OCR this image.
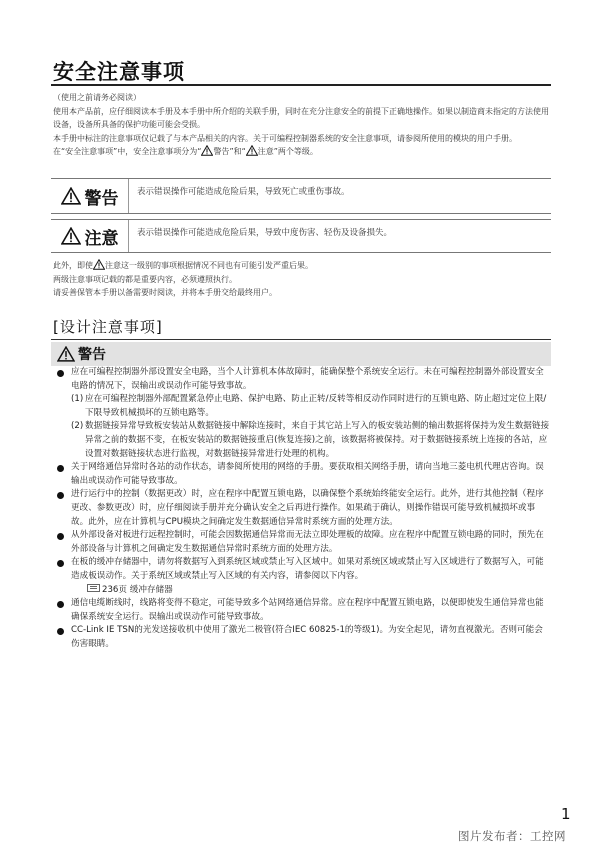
安全注意事项

（使用之前请务必阅读）

使用本产品前，应仔细阅读本手册及本手册中所介绍的关联手册，同时在充分注意安全的前提下正确地操作。如果以制造商未指定的方法使用设备，设备所具备的保护功能可能会受损。

本手册中标注的注意事项仅记载了与本产品相关的内容。关于可编程控制器系统的安全注意事项，请参阅所使用的模块的用户手册。

在“安全注意事项”中，安全注意事项分为“ 警告”和“ 注意”两个等级。

警告	表示错误操作可能造成危险后果，导致死亡或重伤事故。
注意	表示错误操作可能造成危险后果，导致中度伤害、轻伤及设备损失。

此外，即使 注意这一级别的事项根据情况不同也有可能引发严重后果。

两级注意事项记载的都是重要内容，必须遵照执行。

请妥善保管本手册以备需要时阅读，并将本手册交给最终用户。

[设计注意事项]
警告
应在可编程控制器外部设置安全电路，当个人计算机本体故障时，能确保整个系统安全运行。未在可编程控制器外部设置安全电路的情况下，误输出或误动作可能导致事故。
(1) 应在可编程控制器外部配置紧急停止电路、保护电路、防止正转/反转等相反动作同时进行的互锁电路、防止超过定位上限/下限导致机械损坏的互锁电路等。
(2) 数据链接异常导致板安装站从数据链接中解除连接时，来自于其它站上写入的板安装站侧的输出数据将保持为发生数据链接异常之前的数据不变，在板安装站的数据链接重启(恢复连接)之前，该数据将被保持。对于数据链接系统上连接的各站，应设置对数据链接状态进行监视，对数据链接异常进行处理的机构。
关于网络通信异常时各站的动作状态，请参阅所使用的网络的手册。要获取相关网络手册，请向当地三菱电机代理店咨询。误输出或误动作可能导致事故。
进行运行中的控制（数据更改）时，应在程序中配置互锁电路，以确保整个系统始终能安全运行。此外，进行其他控制（程序更改、参数更改）时，应仔细阅读手册并充分确认安全之后再进行操作。如果疏于确认，则操作错误可能导致机械损坏或事故。此外，应在计算机与CPU模块之间确定发生数据通信异常时系统方面的处理方法。
从外部设备对板进行远程控制时，可能会因数据通信异常而无法立即处理板的故障。应在程序中配置互锁电路的同时，预先在外部设备与计算机之间确定发生数据通信异常时系统方面的处理方法。
在板的缓冲存储器中，请勿将数据写入到系统区域或禁止写入区域中。如果对系统区域或禁止写入区域进行了数据写入，可能造成板误动作。关于系统区域或禁止写入区域的有关内容，请参阅以下内容。
236页 缓冲存储器
通信电缆断线时，线路将变得不稳定，可能导致多个站网络通信异常。应在程序中配置互锁电路，以便即使发生通信异常也能确保系统安全运行。误输出或误动作可能导致事故。
CC-Link IE TSN的光发送接收机中使用了激光二极管(符合IEC 60825-1的等级1)。为安全起见，请勿直视激光。否则可能会伤害眼睛。
1
图片发布者：工控网
